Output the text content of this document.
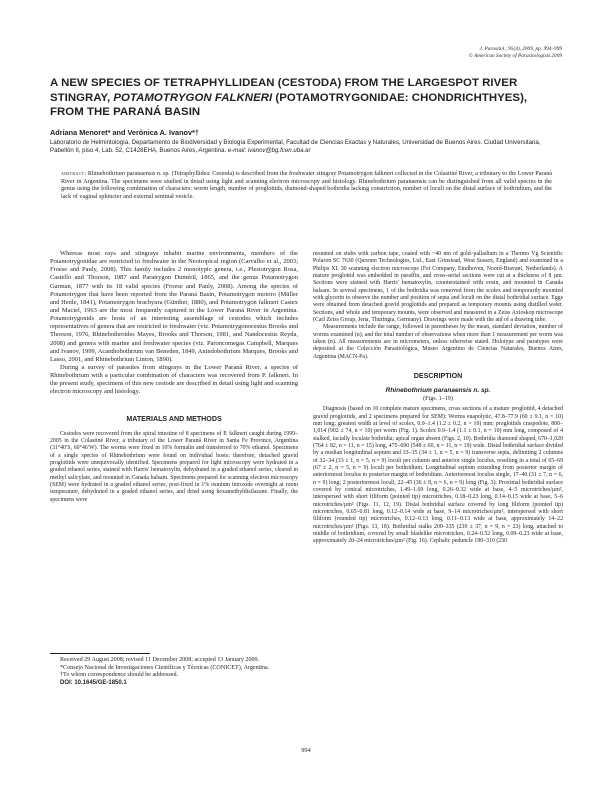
J. Parasitol., 95(4), 2009, pp. 994–999
© American Society of Parasitologists 2009
A NEW SPECIES OF TETRAPHYLLIDEAN (CESTODA) FROM THE LARGESPOT RIVER STINGRAY, POTAMOTRYGON FALKNERI (POTAMOTRYGONIDAE: CHONDRICHTHYES), FROM THE PARANÁ BASIN
Adriana Menoret* and Verónica A. Ivanov*†
Laboratorio de Helmintología, Departamento de Biodiversidad y Biología Experimental, Facultad de Ciencias Exactas y Naturales, Universidad de Buenos Aires. Ciudad Universitaria, Pabellón II, piso 4, Lab. 52, C1428EHA, Buenos Aires, Argentina. e-mail: ivanov@bg.fcen.uba.ar
abstract: Rhinebothrium paranaensis n. sp. (Tetraphyllidea: Cestoda) is described from the freshwater stingray Potamotrygon falkneri collected in the Colastiné River, a tributary to the Lower Paraná River in Argentina. The specimens were studied in detail using light and scanning electron microscopy and histology. Rhinebothrium paranaensis can be distinguished from all valid species in the genus using the following combination of characters: worm length, number of proglottids, diamond-shaped bothridia lacking constriction, number of loculi on the distal surface of bothridium, and the lack of vaginal sphincter and external seminal vesicle.

Whereas most rays and stingrays inhabit marine environments, members of the Potamotrygonidae are restricted to freshwater in the Neotropical region (Carvalho et al., 2003; Froese and Pauly, 2008). This family includes 2 monotypic genera, i.e., Plesiotrygon Rosa, Castello and Thorson, 1987 and Paratrygon Duméril, 1865, and the genus Potamotrygon Garman, 1877 with its 18 valid species (Froese and Pauly, 2008). Among the species of Potamotrygon that have been reported from the Paraná Basin, Potamotrygon motoro (Müller and Henle, 1841), Potamotrygon brachyura (Günther, 1880), and Potamotrygon falkneri Castex and Maciel, 1963 are the most frequently captured in the Lower Paraná River in Argentina. Potamotrygonids are hosts of an interesting assemblage of cestodes which includes representatives of genera that are restricted to freshwater (viz. Potamotrygonocestus Brooks and Thorson, 1976, Rhinebothroides Mayes, Brooks and Thorson, 1981, and Nandocestus Reyda, 2008) and genera with marine and freshwater species (viz. Paroncomegas Campbell, Marques and Ivanov, 1999, Acanthobothrium van Beneden, 1849, Anindobothrium Marques, Brooks and Lasso, 2001, and Rhinebothrium Linton, 1890).

During a survey of parasites from stingrays in the Lower Paraná River, a species of Rhinebothrium with a particular combination of characters was recovered from P. falkneri. In the present study, specimens of this new cestode are described in detail using light and scanning electron microscopy and histology.

MATERIALS AND METHODS

Cestodes were recovered from the spiral intestine of 8 specimens of P. falkneri caught during 1999–2005 in the Colastiné River, a tributary of the Lower Paraná River in Santa Fe Province, Argentina (31°40′S, 60°46′W). The worms were fixed in 10% formalin and transferred to 70% ethanol. Specimens of a single species of Rhinebothrium were found on individual hosts; therefore, detached gravid proglottids were unequivocally identified. Specimens prepared for light microscopy were hydrated in a graded ethanol series, stained with Harris' hematoxylin, dehydrated in a graded ethanol series, cleared in methyl salicylate, and mounted in Canada balsam. Specimens prepared for scanning electron microscopy (SEM) were hydrated in a graded ethanol series, post-fixed in 1% osmium tetroxide overnight at room temperature, dehydrated in a graded ethanol series, and dried using hexamethyldisilazane. Finally, the specimens were

Received 29 August 2008; revised 11 December 2008; accepted 13 January 2009.

*Consejo Nacional de Investigaciones Científicas y Técnicas (CONICET), Argentina.

†To whom correspondence should be addressed.

DOI: 10.1645/GE-1850.1

mounted on stubs with carbon tape, coated with ~40 nm of gold–palladium in a Thermo Vg Scientific Polaron SC 7630 (Quorum Technologies, Ltd., East Grinstead, West Sussex, England) and examined in a Philips XL 30 scanning electron microscope (Fei Company, Eindhoven, Noord-Bravant, Netherlands). A mature proglottid was embedded in paraffin, and cross-serial sections were cut at a thickness of 8 µm. Sections were stained with Harris' hematoxylin, counterstained with eosin, and mounted in Canada balsam. In several specimens, 1 of the bothridia was removed from the scolex and temporarily mounted with glycerin to observe the number and position of septa and loculi on the distal bothridial surface. Eggs were obtained from detached gravid proglottids and prepared as temporary mounts using distilled water. Sections, and whole and temporary mounts, were observed and measured in a Zeiss Axioskop microscope (Carl Zeiss Group, Jena, Thuringia, Germany). Drawings were made with the aid of a drawing tube.

Measurements include the range, followed in parentheses by the mean, standard deviation, number of worms examined (n), and the total number of observations when more than 1 measurement per worm was taken (n). All measurements are in micrometers, unless otherwise stated. Holotype and paratypes were deposited at the Colección Parasitológica, Museo Argentino de Ciencias Naturales, Buenos Aires, Argentina (MACN-Pa).

DESCRIPTION

Rhinebothrium paranaensis n. sp.

(Figs. 1–19)

Diagnosis (based on 10 complete mature specimens, cross sections of a mature proglottid, 4 detached gravid proglottids, and 2 specimens prepared for SEM): Worms euapolytic, 47.8–77.9 (60 ± 9.1, n = 10) mm long; greatest width at level of scolex, 0.9–1.4 (1.2 ± 0.2, n = 10) mm; proglottids craspedote, 800–1,014 (902 ± 74, n = 10) per worm (Fig. 1). Scolex 0.9–1.4 (1.1 ± 0.1, n = 10) mm long, composed of 4 stalked, facially loculate bothridia; apical organ absent (Figs. 2, 10). Bothridia diamond shaped, 670–1,020 (764 ± 82, n = 11, n = 15) long, 475–690 (548 ± 60, n = 11, n = 19) wide. Distal bothridial surface divided by a median longitudinal septum and 33–35 (34 ± 1, n = 5, n = 9) transverse septa, delimiting 2 columns of 32–34 (33 ± 1, n = 5, n = 9) loculi per column and anterior single loculus, resulting in a total of 65–69 (67 ± 2, n = 5, n = 9) loculi per bothridium. Longitudinal septum extending from posterior margin of anteriormost loculus to posterior margin of bothridium. Anteriormost loculus single, 17–40 (31 ± 7, n = 6, n = 9) long; 2 posteriormost loculi, 22–45 (36 ± 8, n = 6, n = 9) long (Fig. 3). Proximal bothridial surface covered by conical microtriches, 1.49–1.69 long, 0.26–0.32 wide at base, 4–5 microtriches/µm², interspersed with short filiform (pointed tip) microtriches, 0.18–0.23 long, 0.14–0.15 wide at base, 5–6 microtriches/µm² (Figs. 11, 12, 19). Distal bothridial surface covered by long filiform (pointed tip) microtriches, 0.65–0.81 long, 0.12–0.14 wide at base, 9–14 microtriches/µm², interspersed with short filiform (rounded tip) microtriches, 0.12–0.13 long, 0.11–0.13 wide at base, approximately 14–22 microtriches/µm² (Figs. 13, 18). Bothridial stalks 200–335 (239 ± 37, n = 9, n = 23) long, attached to middle of bothridium, covered by small bladelike microtriches, 0.24–0.52 long, 0.09–0.23 wide at base, approximately 20–24 microtriches/µm² (Fig. 16). Cephalic peduncle 190–310 (230

994
